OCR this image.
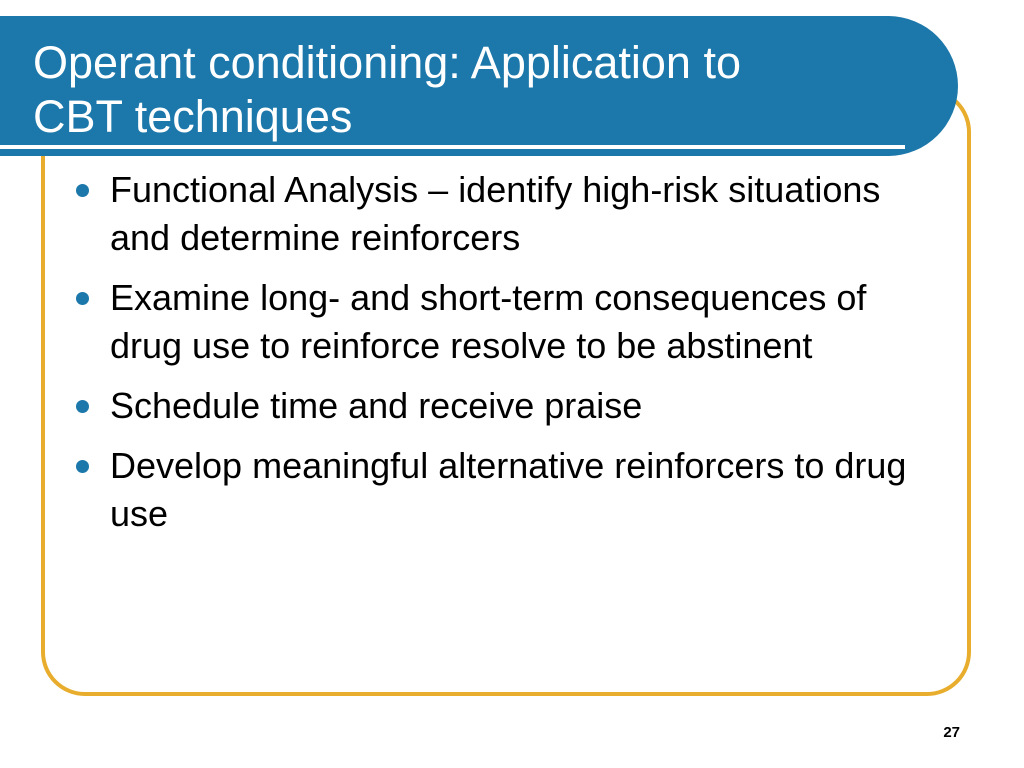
Operant conditioning: Application to
CBT techniques
Functional Analysis – identify high-risk situations and determine reinforcers
Examine long- and short-term consequences of drug use to reinforce resolve to be abstinent
Schedule time and receive praise
Develop meaningful alternative reinforcers to drug use
27
